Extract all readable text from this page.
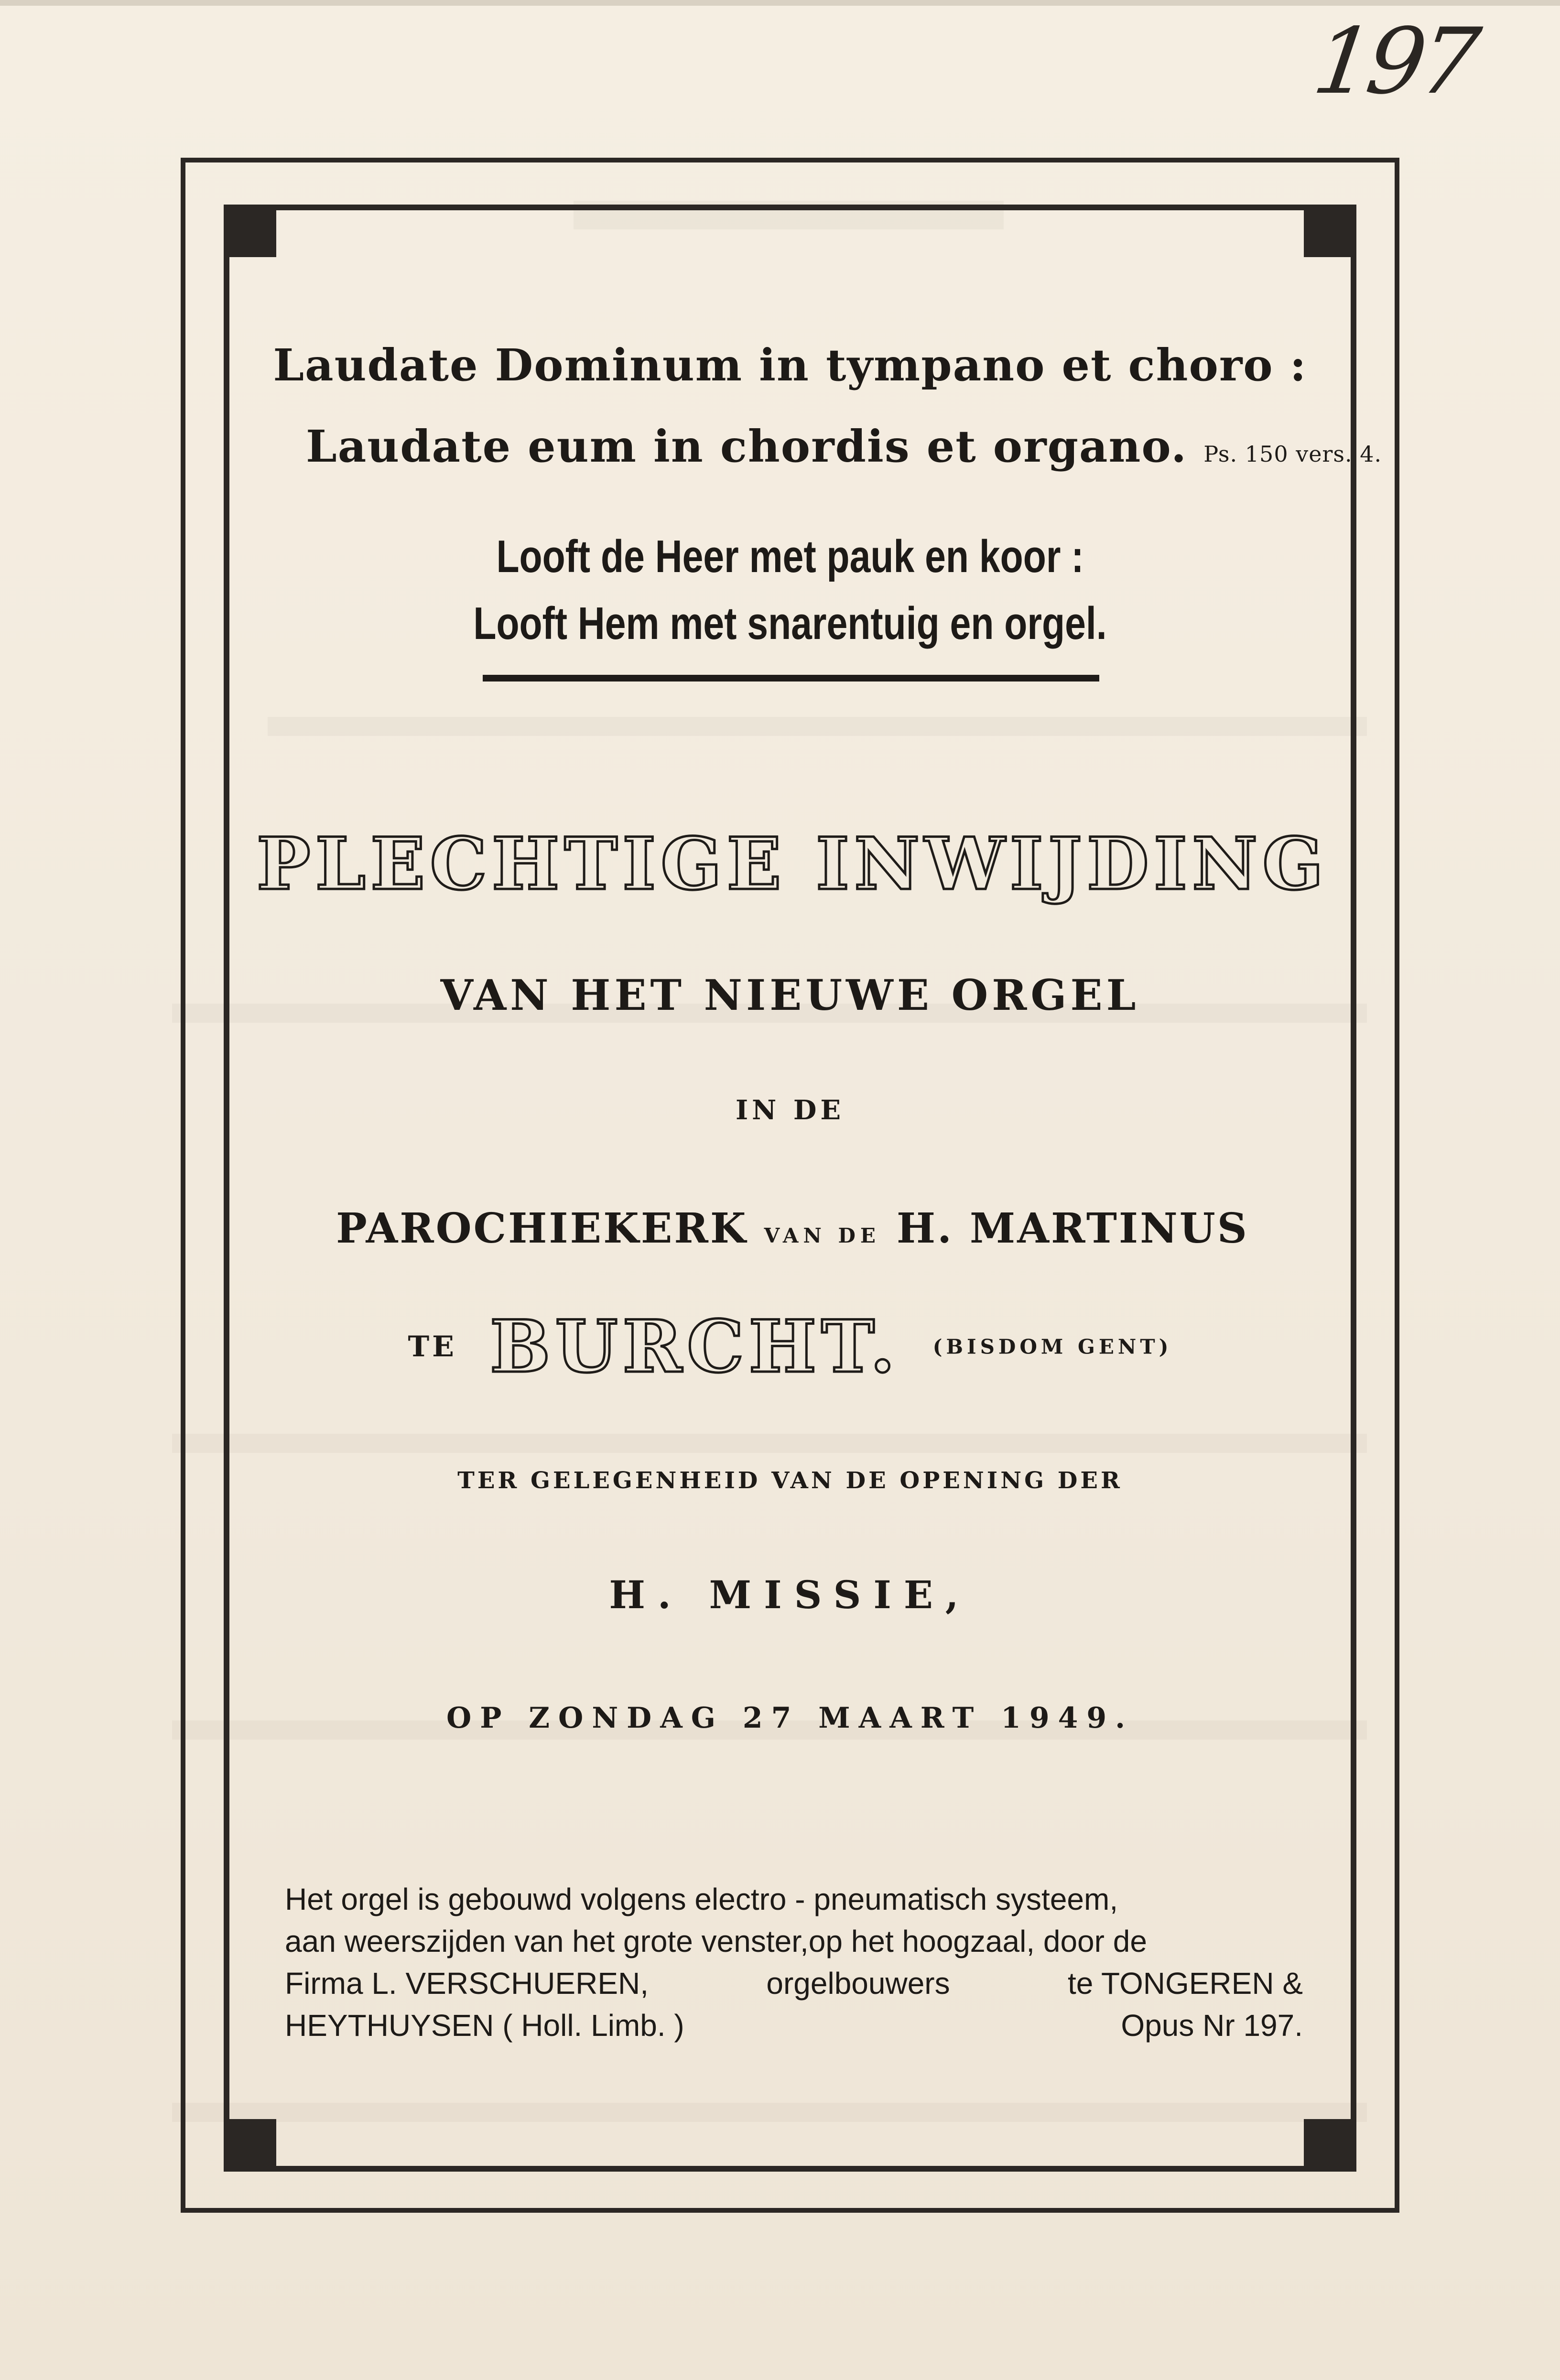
197
Laudate Dominum in tympano et choro :
Laudate eum in chordis et organo. Ps. 150 vers. 4.
Looft de Heer met pauk en koor :
Looft Hem met snarentuig en orgel.
PLECHTIGE INWIJDING
VAN HET NIEUWE ORGEL
IN DE
PAROCHIEKERK VAN DE H. MARTINUS
TE BURCHT. (BISDOM GENT)
TER GELEGENHEID VAN DE OPENING DER
H. MISSIE,
OP ZONDAG 27 MAART 1949.
Het orgel is gebouwd volgens electro - pneumatisch systeem,
aan weerszijden van het grote venster,op het hoogzaal, door de
Firma L. VERSCHUEREN,	orgelbouwers	te TONGEREN &
HEYTHUYSEN ( Holl. Limb. )	Opus Nr 197.
